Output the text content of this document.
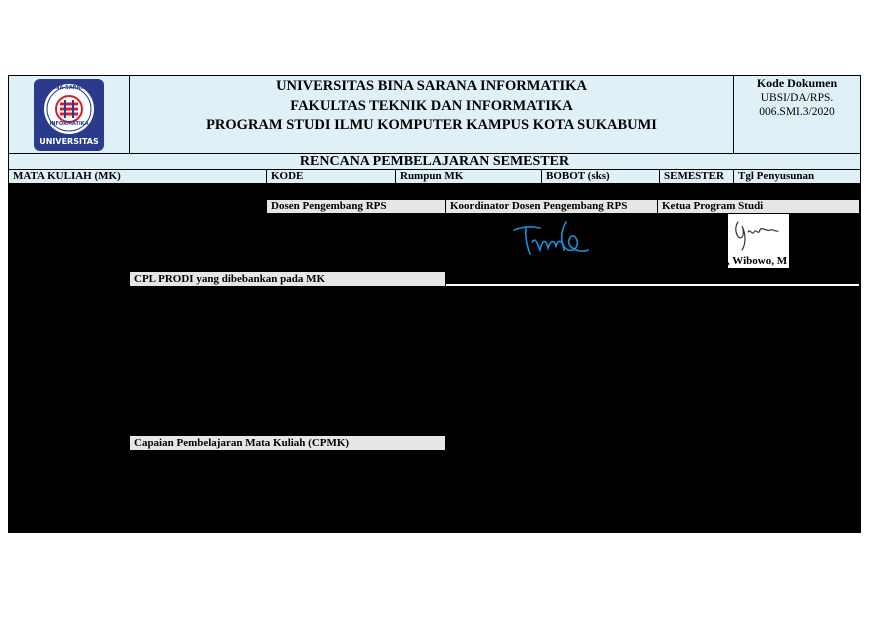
BINA SARANA
INFORMATIKA
UNIVERSITAS
UNIVERSITAS BINA SARANA INFORMATIKA
FAKULTAS TEKNIK DAN INFORMATIKA
PROGRAM STUDI ILMU KOMPUTER KAMPUS KOTA SUKABUMI
Kode Dokumen
UBSI/DA/RPS.
006.SMI.3/2020
RENCANA PEMBELAJARAN SEMESTER
MATA KULIAH (MK)	KODE	Rumpun MK	BOBOT (sks)	SEMESTER	Tgl Penyusunan
Dosen Pengembang RPS	Koordinator Dosen Pengembang RPS	Ketua Program Studi
, Wibowo, M
CPL PRODI yang dibebankan pada MK
Capaian Pembelajaran Mata Kuliah (CPMK)
